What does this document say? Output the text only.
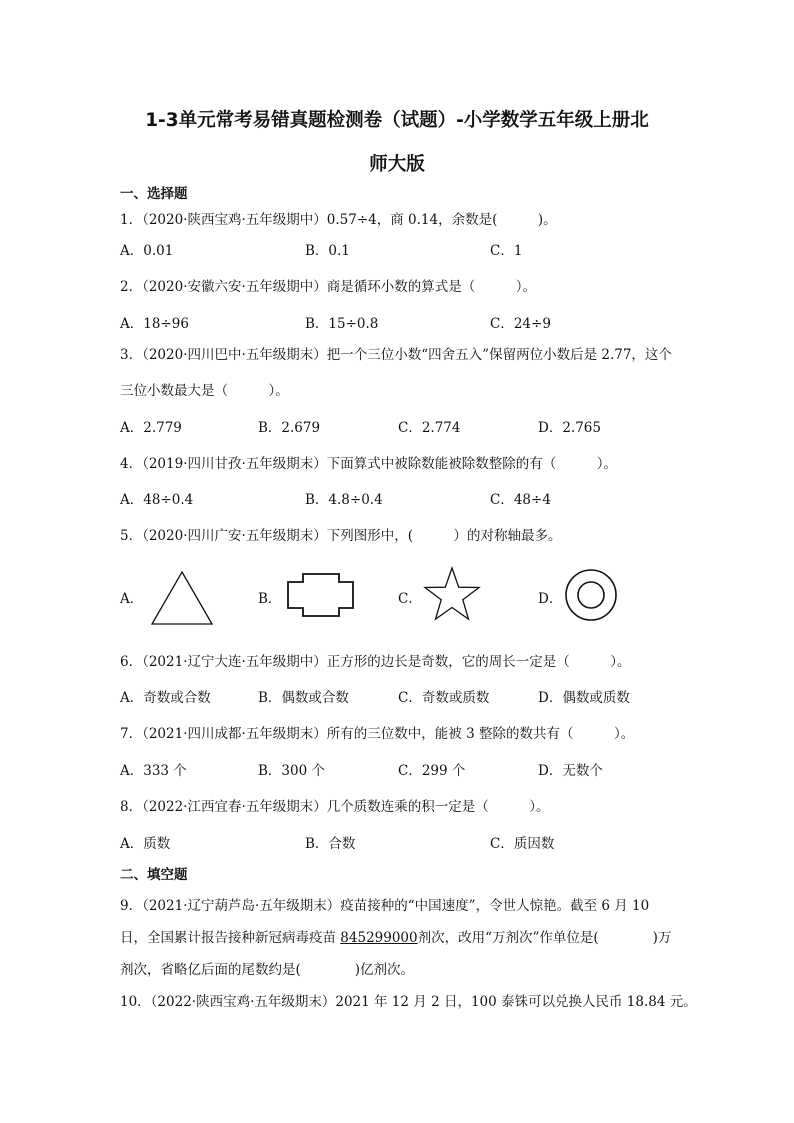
1-3单元常考易错真题检测卷（试题）-小学数学五年级上册北
师大版
一、选择题
1．（2020·陕西宝鸡·五年级期中）0.57÷4，商 0.14，余数是(　　　)。
A．0.01	B．0.1	C．1
2．（2020·安徽六安·五年级期中）商是循环小数的算式是（　　　）。
A．18÷96	B．15÷0.8	C．24÷9
3．（2020·四川巴中·五年级期末）把一个三位小数“四舍五入”保留两位小数后是 2.77，这个
三位小数最大是（　　　）。
A．2.779	B．2.679	C．2.774	D．2.765
4．（2019·四川甘孜·五年级期末）下面算式中被除数能被除数整除的有（　　　）。
A．48÷0.4	B．4.8÷0.4	C．48÷4
5．（2020·四川广安·五年级期末）下列图形中，(　　　）的对称轴最多。
A．	B．	C．	D．
6．（2021·辽宁大连·五年级期中）正方形的边长是奇数，它的周长一定是（　　　）。
A．奇数或合数	B．偶数或合数	C．奇数或质数	D．偶数或质数
7．（2021·四川成都·五年级期末）所有的三位数中，能被 3 整除的数共有（　　　）。
A．333 个	B．300 个	C．299 个	D．无数个
8．（2022·江西宜春·五年级期末）几个质数连乘的积一定是（　　　）。
A．质数	B．合数	C．质因数
二、填空题
9．（2021·辽宁葫芦岛·五年级期末）疫苗接种的“中国速度”，令世人惊艳。截至 6 月 10
日，全国累计报告接种新冠病毒疫苗 845299000剂次，改用“万剂次”作单位是(　　　　)万
剂次，省略亿后面的尾数约是(　　　　)亿剂次。
10．（2022·陕西宝鸡·五年级期末）2021 年 12 月 2 日，100 泰铢可以兑换人民币 18.84 元。
